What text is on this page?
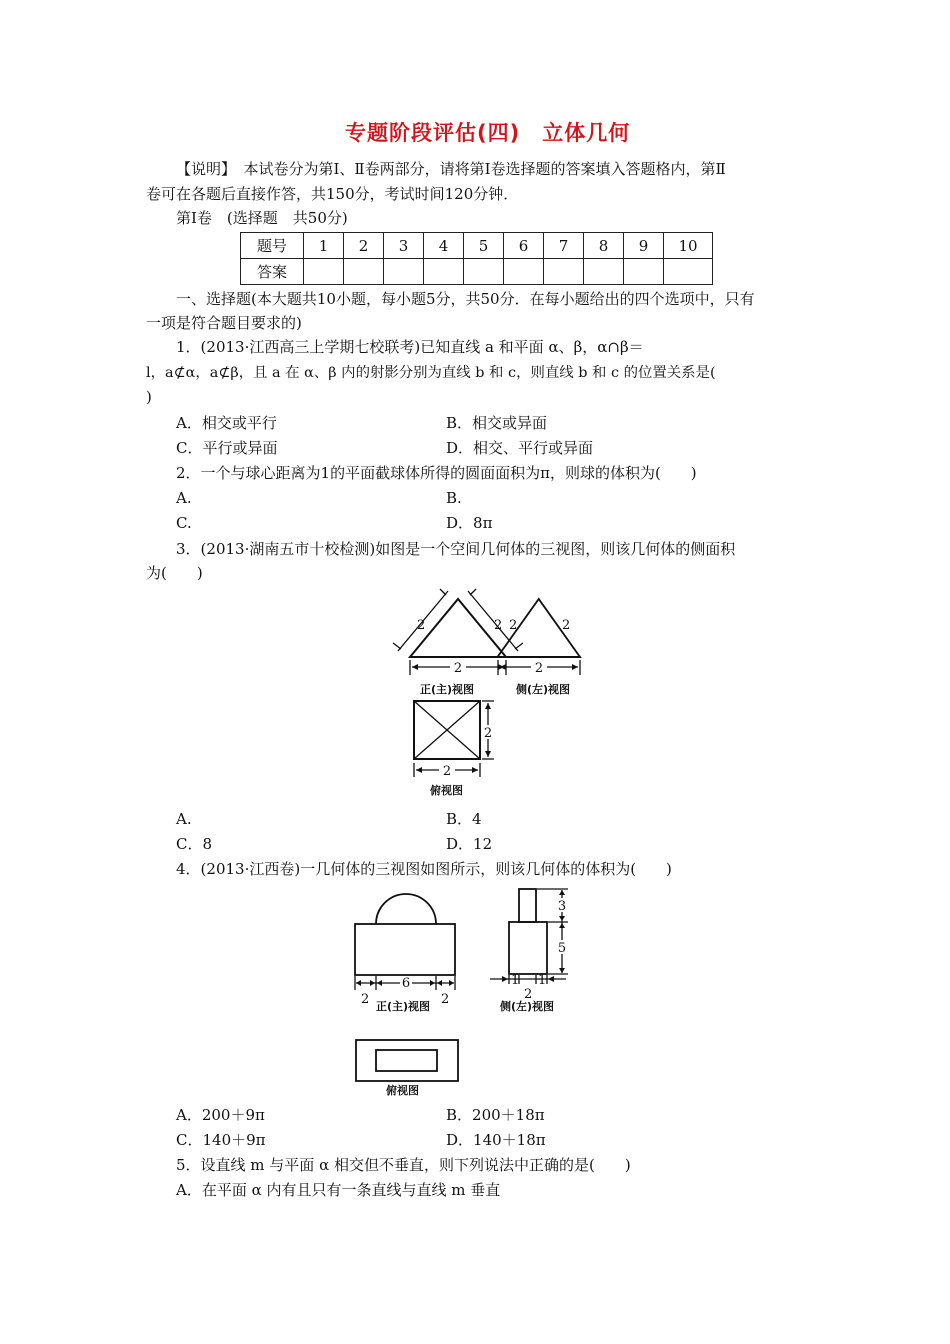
专题阶段评估(四)　立体几何
【说明】　本试卷分为第Ⅰ、Ⅱ卷两部分，请将第Ⅰ卷选择题的答案填入答题格内，第Ⅱ
卷可在各题后直接作答，共150分，考试时间120分钟．
第Ⅰ卷　(选择题　共50分)
题号	1	2	3	4	5	6	7	8	9	10
答案										
一、选择题(本大题共10小题，每小题5分，共50分．在每小题给出的四个选项中，只有
一项是符合题目要求的)
1．(2013·江西高三上学期七校联考)已知直线 a 和平面 α、β，α∩β＝
l，a⊄α，a⊄β，且 a 在 α、β 内的射影分别为直线 b 和 c，则直线 b 和 c 的位置关系是(
)
A．相交或平行	B．相交或异面
C．平行或异面	D．相交、平行或异面
2．一个与球心距离为1的平面截球体所得的圆面面积为π，则球的体积为(　　)
A.	B.
C.	D．8π
3．(2013·湖南五市十校检测)如图是一个空间几何体的三视图，则该几何体的侧面积
为(　　)
2
2	2
正(主)视图
2
2	2
侧(左)视图
2
2
俯视图
A.	B．4
C．8	D．12
4．(2013·江西卷)一几何体的三视图如图所示，则该几何体的体积为(　　)
6
2	2
正(主)视图
3
5
1 1
2
侧(左)视图
俯视图
A．200＋9π	B．200＋18π
C．140＋9π	D．140＋18π
5．设直线 m 与平面 α 相交但不垂直，则下列说法中正确的是(　　)
A．在平面 α 内有且只有一条直线与直线 m 垂直
